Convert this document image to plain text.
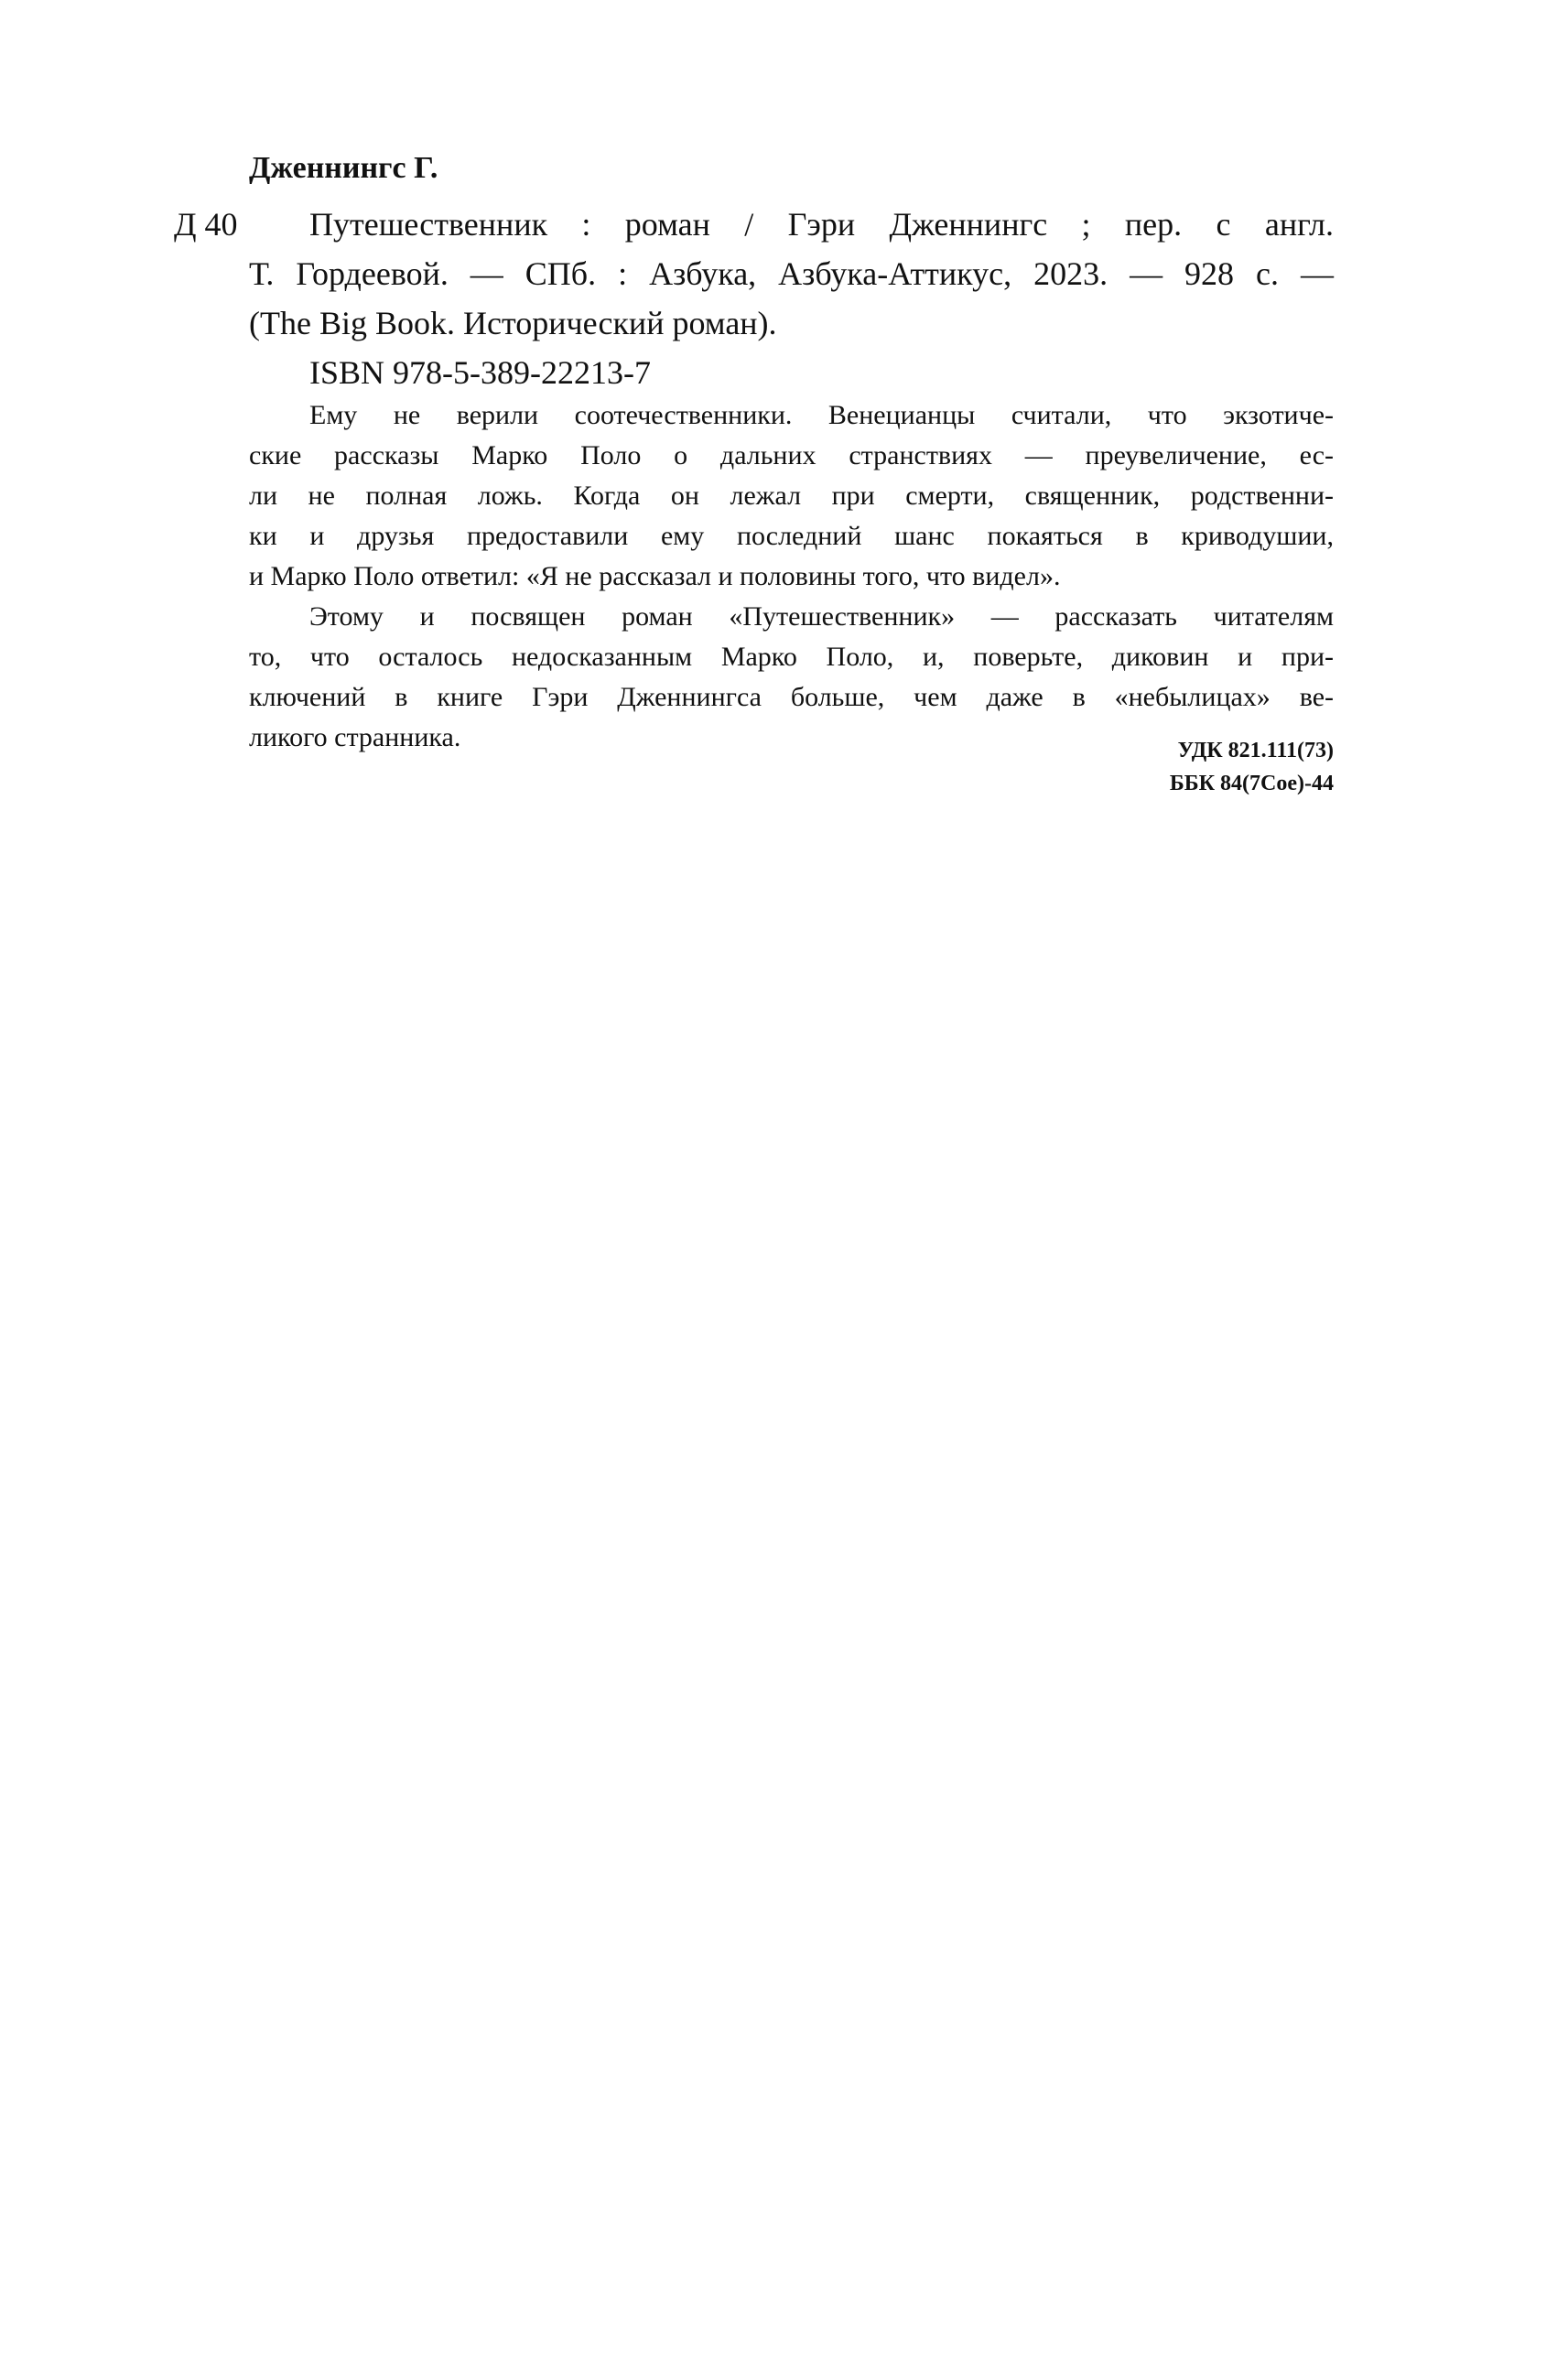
Дженнингс Г.
Д 40	Путешественник : роман / Гэри Дженнингс ; пер. с англ.
Т. Гордеевой. — СПб. : Азбука, Азбука-Аттикус, 2023. — 928 с. —
(The Big Book. Исторический роман).
ISBN 978-5-389-22213-7
Ему не верили соотечественники. Венецианцы считали, что экзотиче-
ские рассказы Марко Поло о дальних странствиях — преувеличение, ес-
ли не полная ложь. Когда он лежал при смерти, священник, родственни-
ки и друзья предоставили ему последний шанс покаяться в криводушии,
и Марко Поло ответил: «Я не рассказал и половины того, что видел».
Этому и посвящен роман «Путешественник» — рассказать читателям
то, что осталось недосказанным Марко Поло, и, поверьте, диковин и при-
ключений в книге Гэри Дженнингса больше, чем даже в «небылицах» ве-
ликого странника.	УДК 821.111(73)
ББК 84(7Сое)-44
